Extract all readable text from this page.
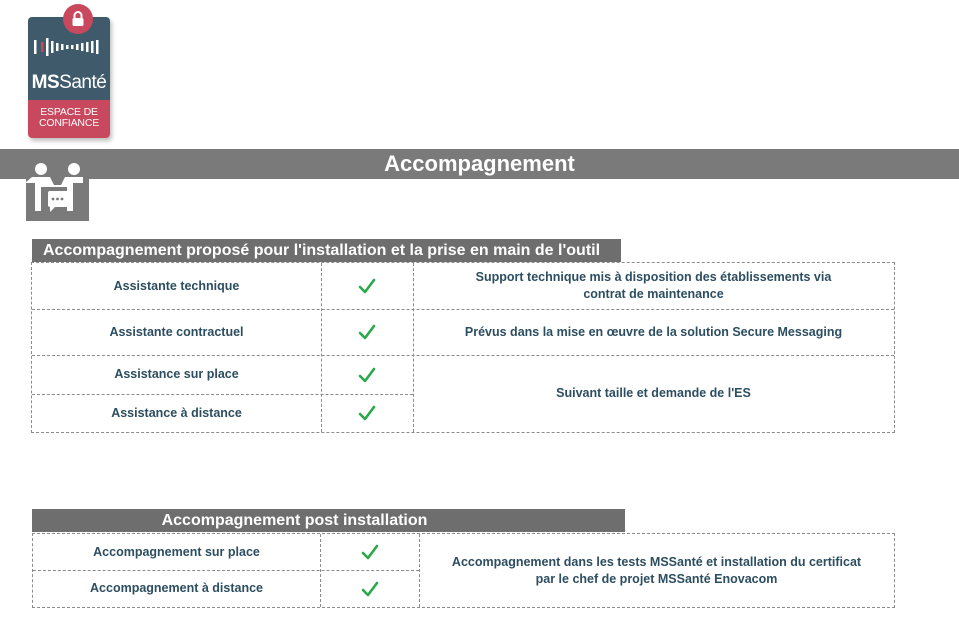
MSSanté
ESPACE DE
CONFIANCE
Accompagnement
Accompagnement proposé pour l'installation et la prise en main de l'outil
Assistante technique
Support technique mis à disposition des établissements via contrat de maintenance
Assistante contractuel	Prévus dans la mise en œuvre de la solution Secure Messaging
Assistance sur place
Assistance à distance
Suivant taille et demande de l'ES
Accompagnement post installation
Accompagnement sur place
Accompagnement à distance
Accompagnement dans les tests MSSanté et installation du certificat
par le chef de projet MSSanté Enovacom
